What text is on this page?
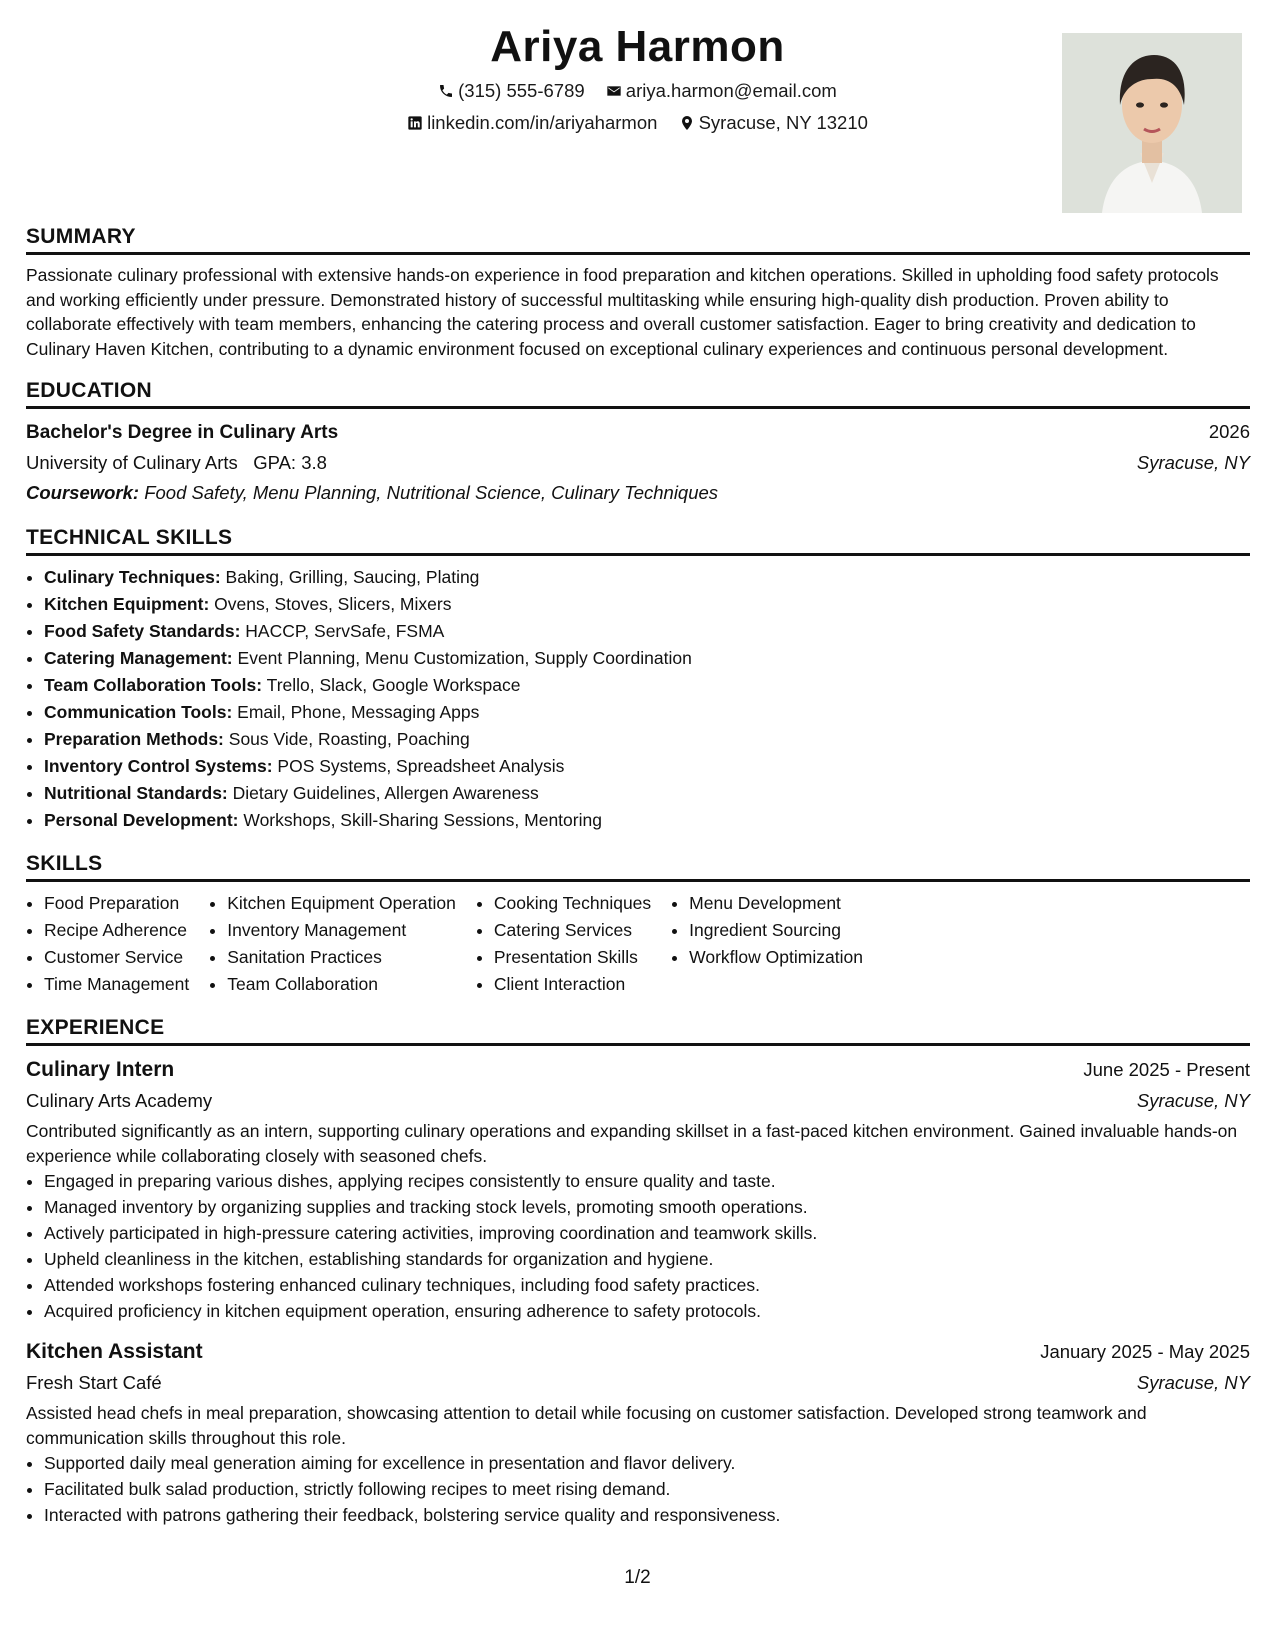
Ariya Harmon
(315) 555-6789
ariya.harmon@email.com
linkedin.com/in/ariyaharmon
Syracuse, NY 13210
SUMMARY

Passionate culinary professional with extensive hands-on experience in food preparation and kitchen operations. Skilled in upholding food safety protocols and working efficiently under pressure. Demonstrated history of successful multitasking while ensuring high-quality dish production. Proven ability to collaborate effectively with team members, enhancing the catering process and overall customer satisfaction. Eager to bring creativity and dedication to Culinary Haven Kitchen, contributing to a dynamic environment focused on exceptional culinary experiences and continuous personal development.

EDUCATION
Bachelor's Degree in Culinary Arts	2026
University of Culinary Arts GPA: 3.8	Syracuse, NY
Coursework: Food Safety, Menu Planning, Nutritional Science, Culinary Techniques
TECHNICAL SKILLS
• Culinary Techniques: Baking, Grilling, Saucing, Plating
• Kitchen Equipment: Ovens, Stoves, Slicers, Mixers
• Food Safety Standards: HACCP, ServSafe, FSMA
• Catering Management: Event Planning, Menu Customization, Supply Coordination
• Team Collaboration Tools: Trello, Slack, Google Workspace
• Communication Tools: Email, Phone, Messaging Apps
• Preparation Methods: Sous Vide, Roasting, Poaching
• Inventory Control Systems: POS Systems, Spreadsheet Analysis
• Nutritional Standards: Dietary Guidelines, Allergen Awareness
• Personal Development: Workshops, Skill-Sharing Sessions, Mentoring
SKILLS
• Food Preparation
• Recipe Adherence
• Customer Service
• Time Management
• Kitchen Equipment Operation
• Inventory Management
• Sanitation Practices
• Team Collaboration
• Cooking Techniques
• Catering Services
• Presentation Skills
• Client Interaction
• Menu Development
• Ingredient Sourcing
• Workflow Optimization
EXPERIENCE
Culinary Intern	June 2025 - Present
Culinary Arts Academy	Syracuse, NY

Contributed significantly as an intern, supporting culinary operations and expanding skillset in a fast-paced kitchen environment. Gained invaluable hands-on experience while collaborating closely with seasoned chefs.

• Engaged in preparing various dishes, applying recipes consistently to ensure quality and taste.
• Managed inventory by organizing supplies and tracking stock levels, promoting smooth operations.
• Actively participated in high-pressure catering activities, improving coordination and teamwork skills.
• Upheld cleanliness in the kitchen, establishing standards for organization and hygiene.
• Attended workshops fostering enhanced culinary techniques, including food safety practices.
• Acquired proficiency in kitchen equipment operation, ensuring adherence to safety protocols.
Kitchen Assistant	January 2025 - May 2025
Fresh Start Café	Syracuse, NY

Assisted head chefs in meal preparation, showcasing attention to detail while focusing on customer satisfaction. Developed strong teamwork and communication skills throughout this role.

• Supported daily meal generation aiming for excellence in presentation and flavor delivery.
• Facilitated bulk salad production, strictly following recipes to meet rising demand.
• Interacted with patrons gathering their feedback, bolstering service quality and responsiveness.
1/2
